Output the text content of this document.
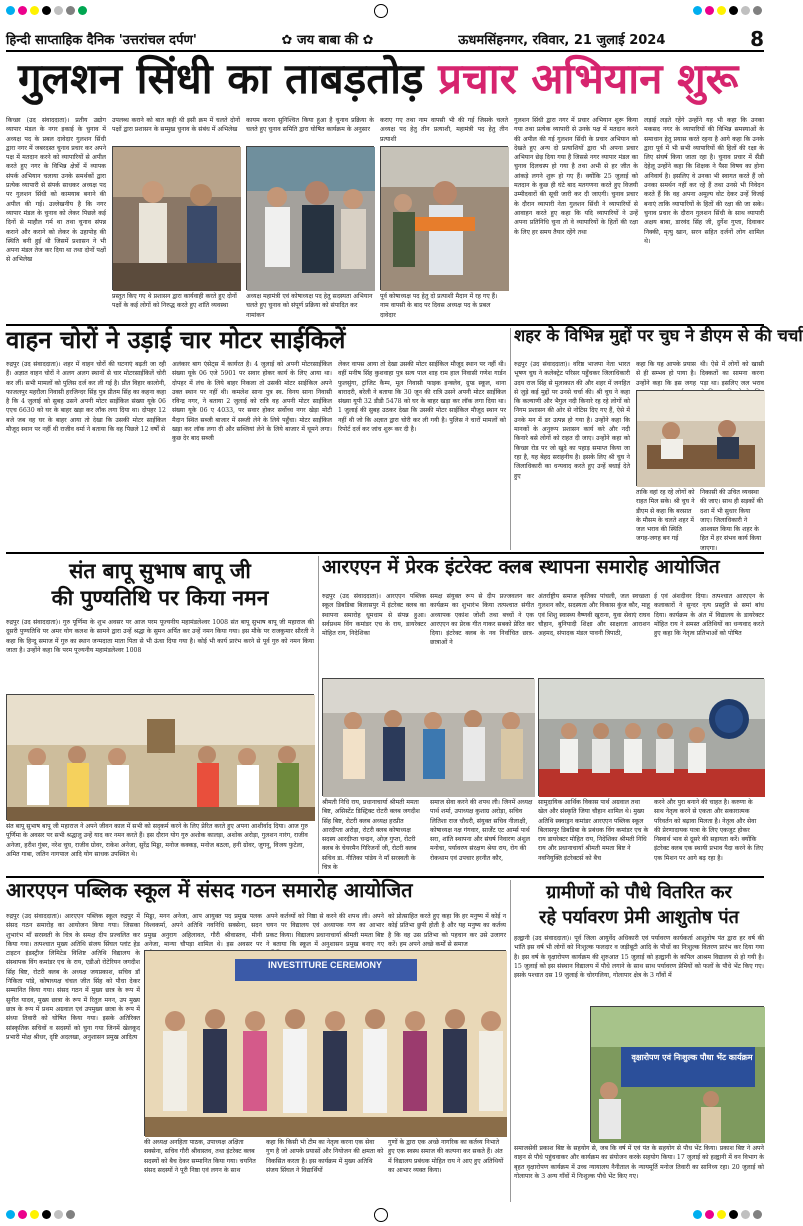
हिन्दी साप्ताहिक दैनिक 'उत्तरांचल दर्पण'	✿ जय बाबा की ✿	ऊधमसिंहनगर, रविवार, 21 जुलाई 2024	8
गुलशन सिंधी का ताबड़तोड़ प्रचार अभियान शुरू
किच्छा (उद संवाददाता)। प्रतीय उद्योग व्यापार मंडल के नगर इकाई के चुनाव में अध्यक्ष पद के प्रबल दावेदार गुलशन सिंधी द्वारा नगर में जबरदस्त चुनाव प्रचार कर अपने पक्ष में मतदान करने को व्यापारियों से अपील करते हुए नगर के विभिन्न क्षेत्रों में व्यापक संपर्क अभियान चलाया उनके समर्थकों द्वारा प्रत्येक व्यापारी से संपर्क साधकर अध्यक्ष पद पर गुलशन सिंधी को कामयाब बनाने की अपील की गई। उल्लेखनीय है कि नगर व्यापार मंडल के चुनाव को लेकर पिछले कई दिनों से माहौल गर्म था तथा चुनाव संपन्न कराने और कराने को लेकर के उहापोह की स्थिति बनी हुई थी जिसमें प्रशासन ने भी अपना मंडल तेज कर दिया था तथा दोनों पक्षों से अभिलेख
उपलब्ध कराने को बात कही थी इसी क्रम में चलते दोनों पक्षों द्वारा प्रशासन के सम्मुख चुनाव के संबंध में अभिलेख
कायम करना सुनिश्चित किया हुआ है चुनाव प्रक्रिया के चलते हुए चुनाव समिति द्वारा घोषित कार्यक्रम के अनुसार
कराए गए तथा नाम वापसी भी की गई जिसके चलते अध्यक्ष पद हेतु तीन प्रत्याशी, महामंत्री पद हेतु तीन प्रत्याशी
गुलशन सिंधी द्वारा नगर में प्रचार अभियान शुरू किया गया तथा प्रत्येक व्यापारी से उनके पक्ष में मतदान करने की अपील की गई गुलशन सिंधी के प्रचार अभियान को देखते हुए अन्य दो प्रत्याशियों द्वारा भी अपना प्रचार अभियान छेड़ दिया गया है जिससे नगर व्यापार मंडल का चुनाव दिलचस्प हो गया है तथा अभी से हर जीत के आंकड़े लगने शुरू हो गए हैं। क्योंकि 25 जुलाई को मतदान के कुछ ही घंटे बाद मतगणना करते हुए विजयी उम्मीदवारों की सूची जारी कर दी जाएगी। चुनाव प्रचार के दौरान व्यापारी नेता गुलशन सिंधी ने व्यापारियों से आवाहन करते हुए कहा कि यदि व्यापारियों ने उन्हें अपना प्रतिनिधि चुना तो वे व्यापारियों के हितों की रक्षा के लिए हर समय तैयार रहेंगे तथा
लड़ाई लड़ते रहेंगे उन्होंने यह भी कहा कि उनका मकसद नगर के व्यापारियों की विभिन्न समस्याओं के समाधान हेतु प्रयास करते रहना है आगे कहा कि उनके द्वारा पूर्व में भी सभी व्यापारियों की हितों की रक्षा के लिए संघर्ष किया जाता रहा है। चुनाव प्रचार में सैंडी देहेलू उन्होंने कहा कि शिक्षक ने पैसा विषय का होना अनिवार्य है। इसलिए वे उनका भी स्वागत करते हैं जो उनका समर्थन नहीं कर रहे हैं तथा उनसे भी निवेदन करते हैं कि वह अपना अमूल्य वोट देकर उन्हें विजई बनाएं ताकि व्यापारियों के हितों की रक्षा की जा सके। चुनाव प्रचार के दौरान गुलशन सिंधी के साथ व्यापारी अक्षय बाबा, डारवंद सिंह जी, दुर्गेश गुप्ता, दिवाकर निक्की, मृत्यु खान, सरन सहित दर्जनों लोग शामिल थे।
प्रस्तुत किए गए थे प्रशासन द्वारा कार्यवाही करते हुए दोनों पक्षों के कई लोगों को निरुद्ध करते हुए शांति व्यवस्था
अध्यक्ष महामंत्री एवं कोषाध्यक्ष पद हेतु सदस्यता अभियान चलते हुए चुनाव को संपूर्ण प्रक्रिया को संपादित कर नामांकन
पूर्व कोषाध्यक्ष पद हेतु दो प्रत्याशी मैदान में रह गए हैं। नाम वापसी के बाद पर दिवस अध्यक्ष पद के प्रबल दावेदार
वाहन चोरों ने उड़ाई चार मोटर साईकिलें
रुद्रपुर (उद संवाददाता)। शहर में वाहन चोरों की घटनाएं बढ़ती जा रही हैं। अज्ञात वाहन चोरों ने अलग अलग स्थानों से चार मोटरसाईकिलें चोरी कर लीं। सभी मामलों को पुलिस दर्ज कर ली गई है। प्रीत विहार कालोनी, फाजलपुर महरौला निवासी हरजिन्दर सिंह पुत्र प्रीतम सिंह का कहना कहा है कि 4 जुलाई को सुबह उसने अपनी मोटर साईकिल संख्या यूके 06 एएच 6630 को घर के बाहर खड़ा कर लॉक लगा दिया था। दोपहर 12 बजे जब वह घर के बाहर आया तो देखा कि उसकी मोटर साईकिल मौजूद स्थान पर नहीं थी राजीव वर्मा ने बताया कि वह पिछले 12 वर्षों से
अलंकार बाग एंसेट्स में कार्यरत है। 4 जुलाई को अपनी मोटरसाईकिल संख्या यूके 06 एजे 5901 पर सवार होकर कार्य के लिए आया था। दोपहर में लंच के लिये बाहर निकला तो उसकी मोटर साईकिल अपने उक्त स्थान पर नहीं थी। कमलेश साना पुत्र स्व. विनय साना निवासी रविन्द्र नगर, ने बताया 2 जुलाई को रात्रि वह अपनी मोटर साईकिल संख्या यूके 06 ए 4033, पर सवार होकर सर्वोच्च नगर खेड़ा मोटी मैदान स्थित सब्जी बाजार में सब्जी लेने के लिये पहुँचा। मोटर साईकिल खड़ा कर लॉक लगा दी और सब्जियां लेने के लिये बाजार में घूमने लगा। कुछ देर बाद सब्जी
लेकर वापस आया तो देखा उसकी मोटर साईकिल मौजूद स्थान पर नहीं थी। वहीं मनीष सिंह कुशवाहा पुत्र सत्य पाल शाह राम हाल निवासी गणेश गार्डन फुलसुंगा, ट्रांजिट कैम्प, मूल निवासी फाइक इन्क्लेव, ग्रुप्ड स्कूल, थाना बारादरी, बरेली ने बताया कि 30 जून की रात्रि उसने अपनी मोटर साईकिल संख्या यूपी 32 डीडी 5478 को घर के बाहर खड़ा कर लॉक लगा दिया था। 1 जुलाई की सुबह उठकर देखा कि उसकी मोटर साईकिल मौजूद स्थान पर नहीं थी जो कि अज्ञात द्वारा चोरी कर ली गयी है। पुलिस ने चारों मामलों को रिपोर्ट दर्ज कर जांच शुरू कर दी है।
शहर के विभिन्न मुद्दों पर चुघ ने डीएम से की चर्चा
रुद्रपुर (उद संवाददाता)। वरिष्ठ भाजपा नेता भारत भूषण चुघ ने कलेक्ट्रेट परिसर पहुँचकर जिलाधिकारी उदय राज सिंह से मुलाकात की और शहर में जनहित से जुड़े कई मुद्दों पर उनसे चर्चा की। श्री चुघ ने कहा कि कल्याणी और भैगुल नदी किनारे रह रहे लोगों को निगम प्रशासन की ओर से नोटिस दिए गए हैं, ऐसे में उनके मन में डर उत्पन्न हो गया है। उन्होंने कहा कि मानकों के अनुरूप प्रशासन कार्य करे और नदी किनारे बसे लोगों को राहत दी जाए। उन्होंने कहा को किच्छा रोड पर जो खुदे का पहाड़ समाप्त किया जा रहा है, यह बेहद सराहनीय है। इसके लिए श्री चुघ ने जिलाधिकारी का धन्यवाद करते हुए उन्हें बधाई देते हुए
कहा कि यह आपके प्रयास से ही सम्भव हो पाया है। उन्होंने कहा कि इस जगह
थी। ऐसे में लोगों को खासी दिक्कतों का सामना करना पड़ा था। इसलिए जल भराव
ताकि वहां रह रहे लोगों को राहत मिल सके। श्री चुघ ने डीएम से कहा कि बरसात के मौसम के चलते शहर में जल भराव की स्थिति जगह-जगह बन गई
निकासी की उचित व्यवस्था की जाए। साथ ही सड़कों की दशा में भी सुधार किया जाए। जिलाधिकारी ने आश्वस्त किया कि शहर के हित में हर संभव कार्य किया जाएगा।
संत बापू सुभाष बापू जी
की पुण्यतिथि पर किया नमन
रुद्रपुर (उद संवाददाता)। गुरु पूर्णिमा के शुभ अवसर पर आज परम पूज्यनीय महामंडलेश्वर 1008 संत बापू सुभाष बापू जी महाराज की दूसरी पुण्यतिथि पर अमर योग कलश के सामने द्वारा उन्हें श्रद्धा के सुमन अर्पित कर उन्हें नमन किया गया। इस मौके पर राजकुमार सौरती ने कहा कि हिन्दू समाज में गुरु का स्थान जन्मदाता माता पिता से भी ऊंचा दिया गया है। कोई भी कार्य प्रारंभ करने से पूर्व गुरु को नमन किया जाता है। उन्होंने कहा कि परम पूज्यनीय महामंडलेश्वर 1008
संत बापू सुभाष बापू जी महाराज ने अपने जीवन काल में सभी को सद्कर्म करने के लिए प्रेरित करते हुए अपना आशीर्वाद दिया। आज गुरु पूर्णिमा के अवसर पर सभी श्रद्धालु उन्हें याद कर नमन करते हैं। इस दौरान योग गुरु अशोक कालड़ा, अशोक अरोड़ा, गुलशन नारंग, राजीव अनेजा, हरीश गुंबर, नरेश चुघ, राजीव ग्रोवर, राकेश अनेजा, सुरेंद्र मिड्डा, मनोज कक्कड़, मनोज बठला, हनी ग्रोवर, जुगनू, विजय फुटेला, अमित गाबा, जतिन नागपाल आदि योग साधक उपस्थित थे।
आरएएन में प्रेरक इंटरेक्ट क्लब स्थापना समारोह आयोजित
रुद्रपुर (उद संवाददाता)। आरएएन पब्लिक स्कूल डिबडिबा बिलासपुर में इंटरेक्ट क्लब का स्थापना समारोह धूमधाम से संपन्न हुआ। सर्वप्रथम विंग कमांडर एच के राय, डायरेक्टर मोहित राय, निदेशिका
समक्ष संयुक्त रूप से दीप प्रज्जवलन कर कार्यक्रम का शुभारंभ किया तत्पश्चात संगीत अध्यापक एकांश जोशी तथा बच्चों ने एक आरएएन का प्रेरक गीत गाकर सबको प्रेरित कर दिया। इंटरेक्ट क्लब के नव निर्वाचित छात्र-छात्राओं ने
अंतर्राष्ट्रीय समाज कृतिका पांचली, जल स्वच्छता गुलशन कौर, सदस्यता और विकास कुंज कौर, माहू एवं शिशु स्वास्थ्य वैष्णवी खुराना, युवा सेवाएं राघव चौहान, बुनियादी शिक्षा और साक्षरता आराशन अहमद, संपादक मंडल पावनी त्रिपाठी,
ई एवं अंशदीवर दिया। तत्पश्चात आरएएन के कलाकारों ने सुन्दर नृत्य प्रस्तुति से समां बांध दिया। कार्यक्रम के अंत में विद्यालय के डायरेक्टर मोहित राय ने समस्त अतिथियों का धन्यवाद करते हुए कहा कि नेतृत्व प्रतिभाओं को पोषित
श्रीमती निधि राय, प्रधानाचार्या श्रीमती ममता बिष्ट, असिस्टेंट डिस्ट्रिक्ट रोटरी क्लब जगदीश सिंह बिष्ट, रोटरी क्लब अध्यक्ष हरप्रीत आरदीप्ता अरोड़ा, रोटरी क्लब कोषाध्यक्ष सदस्य आरदीप्ता चन्द्रन, ओज़ गुप्ता, रोटरी क्लब के चेयरमैन गिरिजनों जी, रोटरी क्लब सचिव डा. नीतिका पांडेय ने माँ सरस्वती के चित्र के
समाज सेवा करने की शपथ ली। जिनमें अध्यक्ष पार्थ शर्मा, उपाध्यक्ष कुशाग्र अरोड़ा, सचिव लितिशा राज चौधरी, संयुक्त सचिव नीलाक्षी, कोषाध्यक्ष नक्ष गंगवार, सार्जेंट एट आर्म्स पार्थ सरा, शांति स्थापना और संघर्ष निवारण अंशुल मनोचा, पर्यावरण संरक्षण श्रेया राय, रोग की रोकथाम एवं उपचार हरनीत कौर,
सामुदायिक आर्थिक विकास पार्थ अग्रवाल तथा खेल और संस्कृति जिया चौहान शामिल थे। मुख्य अतिथि स्क्वाड्रन कमांडर आरएएन पब्लिक स्कूल बिलासपुर डिबडिबा के प्रबंधक विंग कमांडर एच के राय डायरेक्टर मोहित राय, निदेशिका श्रीमती निधि राय और प्रधानाचार्या श्रीमती ममता बिष्ट ने नवनियुक्ति इंटरेक्टर्स को बैच
करने और पुरा बनाने की चाहत है। करुणा के साथ नेतृत्व करने से एकता और सकारात्मक परिवर्तन को बढ़ावा मिलता है। नेतृत्व और सेवा की प्रेरणादायक यात्रा के लिए एकजुट होकर निस्वार्थ भाव से दूसरे की सहायता करें। क्योंकि इंटरेक्ट क्लब एक स्थायी प्रभाव पैदा करने के लिए एक मिशन पर आगे बढ़ रहा है।
आरएएन पब्लिक स्कूल में संसद गठन समारोह आयोजित
रुद्रपुर (उद संवाददाता)। आरएएन पब्लिक स्कूल रुद्रपुर में संसद गठन समारोह का आयोजन किया गया। जिसका शुभारंभ माँ सरस्वती के चित्र के समक्ष दीप प्रज्वलित कर किया गया। तत्पश्चात मुख्य अतिथि संजय सिंघल प्लांट हेड टाइटन इंडस्ट्रीज लिमिटेड विशिष्ट अतिथि विद्यालय के संस्थापक विंग कमांडर एच के राय, एडीओ रोटेरियन जगदीश सिंह बिष्ट, रोटरी क्लब के अध्यक्ष जयप्रकाश, सचिव डॉ निकिता पांडे, कोषाध्यक्ष चंचल जीत सिंह को पौधा देकर सम्मानित किया गया। संसद गठन में मुख्य छात्र के रूप में सुनीत यादव, मुख्य छात्रा के रूप में रितुल मनन, उप मुख्य छात्र के रूप में प्रथम अग्रवाल एवं उपमुख्य छात्रा के रूप में संध्या तिवारी को घोषित किया गया। इसके अतिरिक्त सांस्कृतिक सचिवों व सदस्यों को चुना गया जिनमें खेलकूद प्रभारी मोक्ष श्रीधर, दृष्टि अदलखा, अनुशासन प्रमुख आदित्य
मिड्डा, मनन अनेजा, आप आयुक्त पद प्रमुख पलक विश्वकर्मा, अपने अतिथि नवनिधि सक्सेना, सदन प्रमुख अनुराग अहिलावत, गौरी श्रीवास्तव, मीनी अनेजा, मान्या चौपड़ा शामिल थे। इस अवसर पर
अपने कर्तव्यों को निष्ठा से करने की शपथ ली। अपने चयन पर विद्यालय एवं अध्यापक गण का आभार प्रकट किया। विद्यालय प्रधानाचार्या श्रीमती ममता बिष्ट ने बताया कि स्कूल में अनुशासन प्रमुख बनाए गए
को प्रोत्साहित करते हुए कहा कि हर मनुष्य में कोई न कोई प्रतिभा छुपी होती है और यह मनुष्य का कर्तव्य है कि वह उस प्रतिभा को पहचान कर उसे उजागर करें। हम अपने अच्छे कर्मों से समाज
INVESTITURE CEREMONY
की अध्यक्ष अनहिता पाठक, उपाध्यक्ष अक्षिता सक्सेना, सचिव गौरी श्रीवास्तव, तथा इंटरेक्ट क्लब सदस्यों को बैच देकर सम्मानित किया गया। चयनित संसद सदस्यों ने पूरी निष्ठा एवं लगन के साथ
कहा कि किसी भी टीम का नेतृत्व करना एक सेवा गुण है जो आपके प्रयासों और नियोजन की क्षमता को विकसित करता है। इस कार्यक्रम में मुख्य अतिथि संजय सिंघल ने विद्यार्थियों
गुणों के द्वारा एक अच्छे नागरिक का कर्तव्य निभाते हुए एक स्वस्थ समाज की कल्पना कर सकते हैं। अंत में विद्यालय प्रबंधक मोहित राय ने आए हुए अतिथियों का आभार व्यक्त किया।
ग्रामीणों को पौधे वितरित कर
रहे पर्यावरण प्रेमी आशुतोष पंत
हल्द्वानी (उद संवाददाता)। पूर्व जिला आयुर्वेद अधिकारी एवं पर्यावरण कार्यकर्ता आशुतोष पंत द्वारा हर वर्ष की भांति इस वर्ष भी लोगों को निःशुल्क फलदार व जड़ीबूटी आदि के पौधों का निःशुल्क वितरण प्रारंभ कर दिया गया है। इस वर्ष के वृक्षारोपण कार्यक्रम की शुरुआत 15 जुलाई को हल्द्वानी के कपिल आश्रम विद्यालय से हो गयी है। 15 जुलाई को इस संस्थान विद्यालय में पौधे लगाने के साथ साथ पर्यावरण प्रेमियों को फलों के पौधे भेंट किए गए। इसके पश्चात दस 19 जुलाई के चोरगलिया, गोलापार क्षेत्र के 3 गाँवों में
वृक्षारोपण एवं निःशुल्क पौधा भेंट कार्यक्रम
समाजसेवी प्रकाश बिष्ट के सहयोग से, जब कि वर्ष में एवं पंत के सहयोग से पौध भेंट किया। प्रकाश बिष्ट ने अपने वाहन से पौधे पहुंचवाकर और कार्यक्रम का संयोजन करके सहयोग किया। 17 जुलाई को हल्द्वानी में वन विभाग के बृहत वृक्षारोपण कार्यक्रम में उच्च न्यायालय नैनीताल के न्यायमूर्ति मनोज तिवारी का सानिध्य रहा। 20 जुलाई को गोलापार के 3 अन्य गाँवों में निःशुल्क पौधे भेंट किए गए।
